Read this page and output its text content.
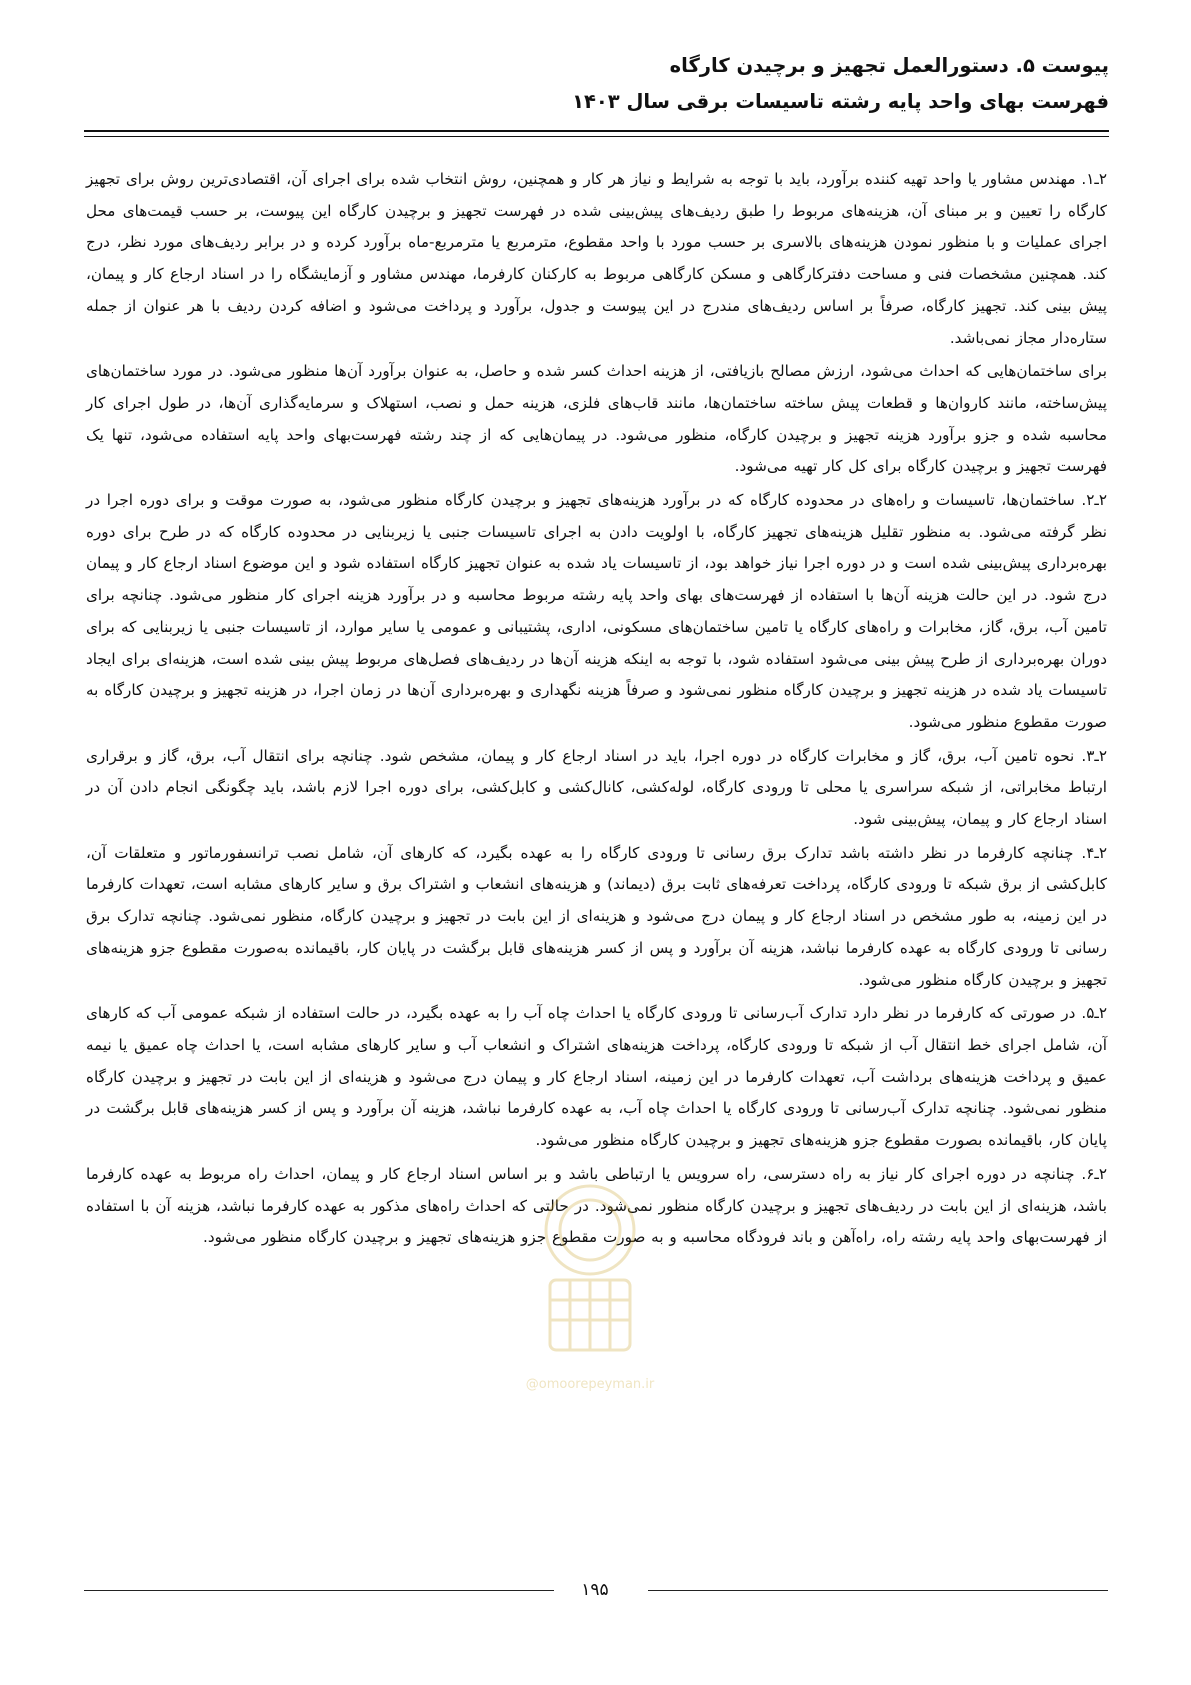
پیوست ۵. دستورالعمل تجهیز و برچیدن کارگاه
فهرست بهای واحد پایه رشته تاسیسات برقی سال ۱۴۰۳

۲ـ۱. مهندس مشاور یا واحد تهیه کننده برآورد، باید با توجه به شرایط و نیاز هر کار و همچنین، روش انتخاب شده برای اجرای آن، اقتصادی‌ترین روش برای تجهیز کارگاه را تعیین و بر مبنای آن، هزینه‌های مربوط را طبق ردیف‌های پیش‌بینی شده در فهرست تجهیز و برچیدن کارگاه این پیوست، بر حسب قیمت‌های محل اجرای عملیات و با منظور نمودن هزینه‌های بالاسری بر حسب مورد با واحد مقطوع، مترمربع یا مترمربع-ماه برآورد کرده و در برابر ردیف‌های مورد نظر، درج کند. همچنین مشخصات فنی و مساحت دفترکارگاهی و مسکن کارگاهی مربوط به کارکنان کارفرما، مهندس مشاور و آزمایشگاه را در اسناد ارجاع کار و پیمان، پیش بینی کند. تجهیز کارگاه، صرفاً بر اساس ردیف‌های مندرج در این پیوست و جدول، برآورد و پرداخت می‌شود و اضافه کردن ردیف با هر عنوان از جمله ستاره‌دار مجاز نمی‌باشد.

برای ساختمان‌هایی که احداث می‌شود، ارزش مصالح بازیافتی، از هزینه احداث کسر شده و حاصل، به عنوان برآورد آن‌ها منظور می‌شود. در مورد ساختمان‌های پیش‌ساخته، مانند کاروان‌ها و قطعات پیش ساخته ساختمان‌ها، مانند قاب‌های فلزی، هزینه حمل و نصب، استهلاک و سرمایه‌گذاری آن‌ها، در طول اجرای کار محاسبه شده و جزو برآورد هزینه تجهیز و برچیدن کارگاه، منظور می‌شود. در پیمان‌هایی که از چند رشته فهرست‌بهای واحد پایه استفاده می‌شود، تنها یک فهرست تجهیز و برچیدن کارگاه برای کل کار تهیه می‌شود.

۲ـ۲. ساختمان‌ها، تاسیسات و راه‌های در محدوده کارگاه که در برآورد هزینه‌های تجهیز و برچیدن کارگاه منظور می‌شود، به صورت موقت و برای دوره اجرا در نظر گرفته می‌شود. به منظور تقلیل هزینه‌های تجهیز کارگاه، با اولویت دادن به اجرای تاسیسات جنبی یا زیربنایی در محدوده کارگاه که در طرح برای دوره بهره‌برداری پیش‌بینی شده است و در دوره اجرا نیاز خواهد بود، از تاسیسات یاد شده به عنوان تجهیز کارگاه استفاده شود و این موضوع اسناد ارجاع کار و پیمان درج شود. در این حالت هزینه آن‌ها با استفاده از فهرست‌های بهای واحد پایه رشته مربوط محاسبه و در برآورد هزینه اجرای کار منظور می‌شود. چنانچه برای تامین آب، برق، گاز، مخابرات و راه‌های کارگاه یا تامین ساختمان‌های مسکونی، اداری، پشتیبانی و عمومی یا سایر موارد، از تاسیسات جنبی یا زیربنایی که برای دوران بهره‌برداری از طرح پیش بینی می‌شود استفاده شود، با توجه به اینکه هزینه آن‌ها در ردیف‌های فصل‌های مربوط پیش بینی شده است، هزینه‌ای برای ایجاد تاسیسات یاد شده در هزینه تجهیز و برچیدن کارگاه منظور نمی‌شود و صرفاً هزینه نگهداری و بهره‌برداری آن‌ها در زمان اجرا، در هزینه تجهیز و برچیدن کارگاه به صورت مقطوع منظور می‌شود.

۲ـ۳. نحوه تامین آب، برق، گاز و مخابرات کارگاه در دوره اجرا، باید در اسناد ارجاع کار و پیمان، مشخص شود. چنانچه برای انتقال آب، برق، گاز و برقراری ارتباط مخابراتی، از شبکه سراسری یا محلی تا ورودی کارگاه، لوله‌کشی، کانال‌کشی و کابل‌کشی، برای دوره اجرا لازم باشد، باید چگونگی انجام دادن آن در اسناد ارجاع کار و پیمان، پیش‌بینی شود.

۲ـ۴. چنانچه کارفرما در نظر داشته باشد تدارک برق رسانی تا ورودی کارگاه را به عهده بگیرد، که کارهای آن، شامل نصب ترانسفورماتور و متعلقات آن، کابل‌کشی از برق شبکه تا ورودی کارگاه، پرداخت تعرفه‌های ثابت برق (دیماند) و هزینه‌های انشعاب و اشتراک برق و سایر کارهای مشابه است، تعهدات کارفرما در این زمینه، به طور مشخص در اسناد ارجاع کار و پیمان درج می‌شود و هزینه‌ای از این بابت در تجهیز و برچیدن کارگاه، منظور نمی‌شود. چنانچه تدارک برق رسانی تا ورودی کارگاه به عهده کارفرما نباشد، هزینه آن برآورد و پس از کسر هزینه‌های قابل برگشت در پایان کار، باقیمانده به‌صورت مقطوع جزو هزینه‌های تجهیز و برچیدن کارگاه منظور می‌شود.

۲ـ۵. در صورتی که کارفرما در نظر دارد تدارک آب‌رسانی تا ورودی کارگاه یا احداث چاه آب را به عهده بگیرد، در حالت استفاده از شبکه عمومی آب که کارهای آن، شامل اجرای خط انتقال آب از شبکه تا ورودی کارگاه، پرداخت هزینه‌های اشتراک و انشعاب آب و سایر کارهای مشابه است، یا احداث چاه عمیق یا نیمه عمیق و پرداخت هزینه‌های برداشت آب، تعهدات کارفرما در این زمینه، اسناد ارجاع کار و پیمان درج می‌شود و هزینه‌ای از این بابت در تجهیز و برچیدن کارگاه منظور نمی‌شود. چنانچه تدارک آب‌رسانی تا ورودی کارگاه یا احداث چاه آب، به عهده کارفرما نباشد، هزینه آن برآورد و پس از کسر هزینه‌های قابل برگشت در پایان کار، باقیمانده بصورت مقطوع جزو هزینه‌های تجهیز و برچیدن کارگاه منظور می‌شود.

۲ـ۶. چنانچه در دوره اجرای کار نیاز به راه دسترسی، راه سرویس یا ارتباطی باشد و بر اساس اسناد ارجاع کار و پیمان، احداث راه مربوط به عهده کارفرما باشد، هزینه‌ای از این بابت در ردیف‌های تجهیز و برچیدن کارگاه منظور نمی‌شود. در حالتی که احداث راه‌های مذکور به عهده کارفرما نباشد، هزینه آن با استفاده از فهرست‌بهای واحد پایه رشته راه، راه‌آهن و باند فرودگاه محاسبه و به صورت مقطوع جزو هزینه‌های تجهیز و برچیدن کارگاه منظور می‌شود.

@omoorepeyman.ir
۱۹۵
